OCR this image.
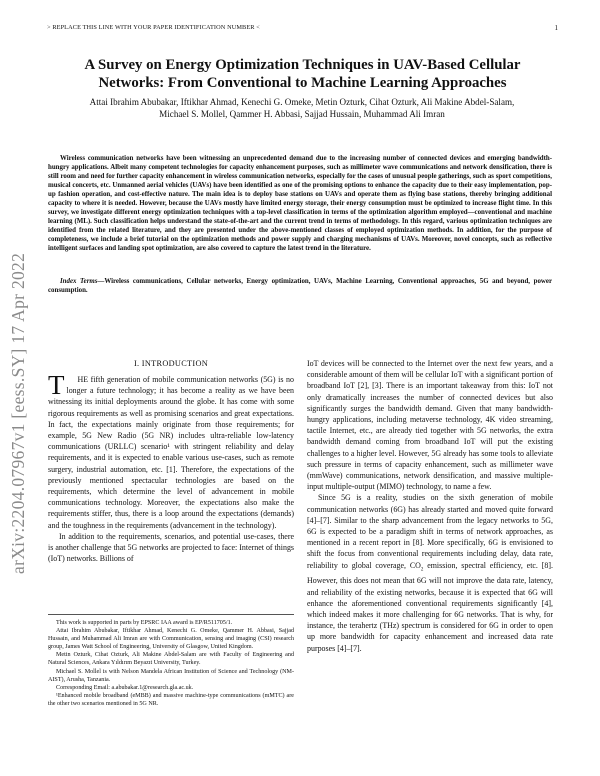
> REPLACE THIS LINE WITH YOUR PAPER IDENTIFICATION NUMBER <	1
arXiv:2204.07967v1 [eess.SY] 17 Apr 2022
A Survey on Energy Optimization Techniques in UAV-Based Cellular
Networks: From Conventional to Machine Learning Approaches
Attai Ibrahim Abubakar, Iftikhar Ahmad, Kenechi G. Omeke, Metin Ozturk, Cihat Ozturk, Ali Makine Abdel-Salam,
Michael S. Mollel, Qammer H. Abbasi, Sajjad Hussain, Muhammad Ali Imran
Wireless communication networks have been witnessing an unprecedented demand due to the increasing number of connected devices and emerging bandwidth-hungry applications. Albeit many competent technologies for capacity enhancement purposes, such as millimeter wave communications and network densification, there is still room and need for further capacity enhancement in wireless communication networks, especially for the cases of unusual people gatherings, such as sport competitions, musical concerts, etc. Unmanned aerial vehicles (UAVs) have been identified as one of the promising options to enhance the capacity due to their easy implementation, pop-up fashion operation, and cost-effective nature. The main idea is to deploy base stations on UAVs and operate them as flying base stations, thereby bringing additional capacity to where it is needed. However, because the UAVs mostly have limited energy storage, their energy consumption must be optimized to increase flight time. In this survey, we investigate different energy optimization techniques with a top-level classification in terms of the optimization algorithm employed—conventional and machine learning (ML). Such classification helps understand the state-of-the-art and the current trend in terms of methodology. In this regard, various optimization techniques are identified from the related literature, and they are presented under the above-mentioned classes of employed optimization methods. In addition, for the purpose of completeness, we include a brief tutorial on the optimization methods and power supply and charging mechanisms of UAVs. Moreover, novel concepts, such as reflective intelligent surfaces and landing spot optimization, are also covered to capture the latest trend in the literature.
Index Terms—Wireless communications, Cellular networks, Energy optimization, UAVs, Machine Learning, Conventional approaches, 5G and beyond, power consumption.
I. INTRODUCTION

T HE fifth generation of mobile communication networks (5G) is no longer a future technology; it has become a reality as we have been witnessing its initial deployments around the globe. It has come with some rigorous requirements as well as promising scenarios and great expectations. In fact, the expectations mainly originate from those requirements; for example, 5G New Radio (5G NR) includes ultra-reliable low-latency communications (URLLC) scenario¹ with stringent reliability and delay requirements, and it is expected to enable various use-cases, such as remote surgery, industrial automation, etc. [1]. Therefore, the expectations of the previously mentioned spectacular technologies are based on the requirements, which determine the level of advancement in mobile communications technology. Moreover, the expectations also make the requirements stiffer, thus, there is a loop around the expectations (demands) and the toughness in the requirements (advancement in the technology).

In addition to the requirements, scenarios, and potential use-cases, there is another challenge that 5G networks are projected to face: Internet of things (IoT) networks. Billions of

This work is supported in parts by EPSRC IAA award is EP/R511705/1.

Attai Ibrahim Abubakar, Iftikhar Ahmad, Kenechi G. Omeke, Qammer H. Abbasi, Sajjad Hussain, and Muhammad Ali Imran are with Communication, sensing and imaging (CSI) research group, James Watt School of Engineering, University of Glasgow, United Kingdom.

Metin Ozturk, Cihat Ozturk, Ali Makine Abdel-Salam are with Faculty of Engineering and Natural Sciences, Ankara Yıldırım Beyazıt University, Turkey.

Michael S. Mollel is with Nelson Mandela African Institution of Science and Technology (NM-AIST), Arusha, Tanzania.

Corresponding Email: a.abubakar.1@research.gla.ac.uk.

¹Enhanced mobile broadband (eMBB) and massive machine-type communications (mMTC) are the other two scenarios mentioned in 5G NR.

IoT devices will be connected to the Internet over the next few years, and a considerable amount of them will be cellular IoT with a significant portion of broadband IoT [2], [3]. There is an important takeaway from this: IoT not only dramatically increases the number of connected devices but also significantly surges the bandwidth demand. Given that many bandwidth-hungry applications, including metaverse technology, 4K video streaming, tactile Internet, etc., are already tied together with 5G networks, the extra bandwidth demand coming from broadband IoT will put the existing challenges to a higher level. However, 5G already has some tools to alleviate such pressure in terms of capacity enhancement, such as millimeter wave (mmWave) communications, network densification, and massive multiple-input multiple-output (MIMO) technology, to name a few.

Since 5G is a reality, studies on the sixth generation of mobile communication networks (6G) has already started and moved quite forward [4]–[7]. Similar to the sharp advancement from the legacy networks to 5G, 6G is expected to be a paradigm shift in terms of network approaches, as mentioned in a recent report in [8]. More specifically, 6G is envisioned to shift the focus from conventional requirements including delay, data rate, reliability to global coverage, $CO_2$ emission, spectral efficiency, etc. [8]. However, this does not mean that 6G will not improve the data rate, latency, and reliability of the existing networks, because it is expected that 6G will enhance the aforementioned conventional requirements significantly [4], which indeed makes it more challenging for 6G networks. That is why, for instance, the terahertz (THz) spectrum is considered for 6G in order to open up more bandwidth for capacity enhancement and increased data rate purposes [4]–[7].
